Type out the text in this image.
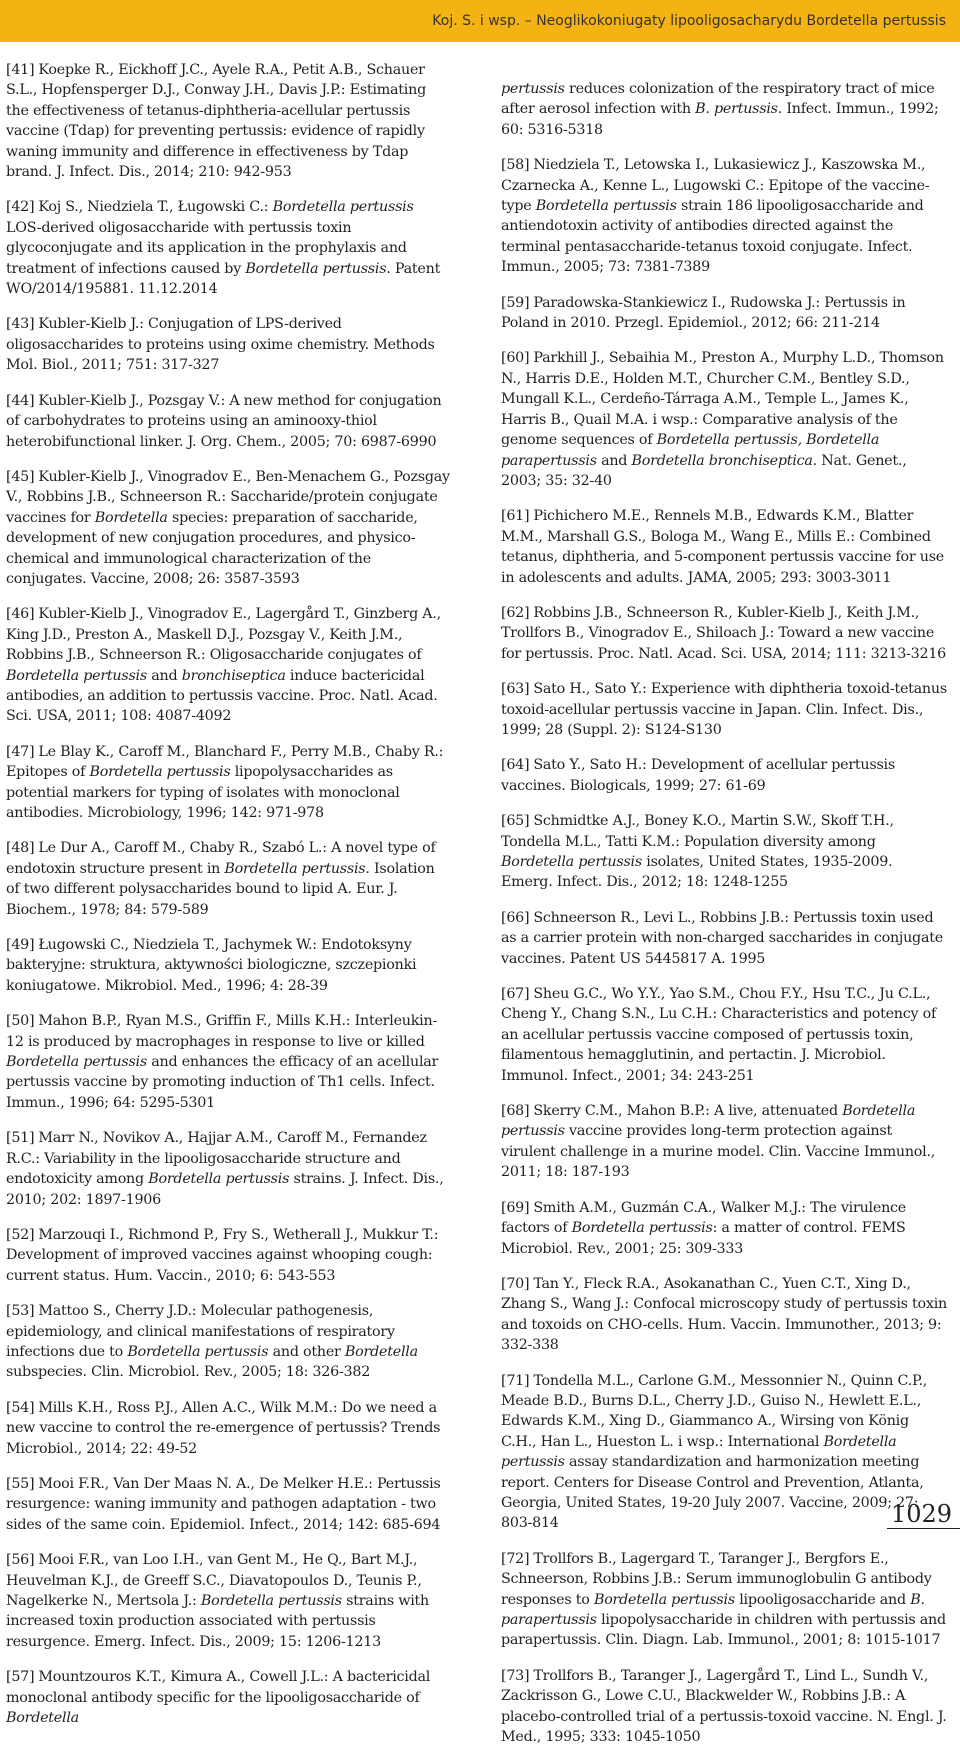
Koj. S. i wsp. – Neoglikokoniugaty lipooligosacharydu Bordetella pertussis

[41] Koepke R., Eickhoff J.C., Ayele R.A., Petit A.B., Schauer S.L., Hopfensperger D.J., Conway J.H., Davis J.P.: Estimating the effectiveness of tetanus-diphtheria-acellular pertussis vaccine (Tdap) for preventing pertussis: evidence of rapidly waning immunity and difference in effectiveness by Tdap brand. J. Infect. Dis., 2014; 210: 942-953

[42] Koj S., Niedziela T., Ługowski C.: Bordetella pertussis LOS-derived oligosaccharide with pertussis toxin glycoconjugate and its application in the prophylaxis and treatment of infections caused by Bordetella pertussis. Patent WO/2014/195881. 11.12.2014

[43] Kubler-Kielb J.: Conjugation of LPS-derived oligosaccharides to proteins using oxime chemistry. Methods Mol. Biol., 2011; 751: 317-327

[44] Kubler-Kielb J., Pozsgay V.: A new method for conjugation of carbohydrates to proteins using an aminooxy-thiol heterobifunctional linker. J. Org. Chem., 2005; 70: 6987-6990

[45] Kubler-Kielb J., Vinogradov E., Ben-Menachem G., Pozsgay V., Robbins J.B., Schneerson R.: Saccharide/protein conjugate vaccines for Bordetella species: preparation of saccharide, development of new conjugation procedures, and physico-chemical and immunological characterization of the conjugates. Vaccine, 2008; 26: 3587-3593

[46] Kubler-Kielb J., Vinogradov E., Lagergård T., Ginzberg A., King J.D., Preston A., Maskell D.J., Pozsgay V., Keith J.M., Robbins J.B., Schneerson R.: Oligosaccharide conjugates of Bordetella pertussis and bronchiseptica induce bactericidal antibodies, an addition to pertussis vaccine. Proc. Natl. Acad. Sci. USA, 2011; 108: 4087-4092

[47] Le Blay K., Caroff M., Blanchard F., Perry M.B., Chaby R.: Epitopes of Bordetella pertussis lipopolysaccharides as potential markers for typing of isolates with monoclonal antibodies. Microbiology, 1996; 142: 971-978

[48] Le Dur A., Caroff M., Chaby R., Szabó L.: A novel type of endotoxin structure present in Bordetella pertussis. Isolation of two different polysaccharides bound to lipid A. Eur. J. Biochem., 1978; 84: 579-589

[49] Ługowski C., Niedziela T., Jachymek W.: Endotoksyny bakteryjne: struktura, aktywności biologiczne, szczepionki koniugatowe. Mikrobiol. Med., 1996; 4: 28-39

[50] Mahon B.P., Ryan M.S., Griffin F., Mills K.H.: Interleukin-12 is produced by macrophages in response to live or killed Bordetella pertussis and enhances the efficacy of an acellular pertussis vaccine by promoting induction of Th1 cells. Infect. Immun., 1996; 64: 5295-5301

[51] Marr N., Novikov A., Hajjar A.M., Caroff M., Fernandez R.C.: Variability in the lipooligosaccharide structure and endotoxicity among Bordetella pertussis strains. J. Infect. Dis., 2010; 202: 1897-1906

[52] Marzouqi I., Richmond P., Fry S., Wetherall J., Mukkur T.: Development of improved vaccines against whooping cough: current status. Hum. Vaccin., 2010; 6: 543-553

[53] Mattoo S., Cherry J.D.: Molecular pathogenesis, epidemiology, and clinical manifestations of respiratory infections due to Bordetella pertussis and other Bordetella subspecies. Clin. Microbiol. Rev., 2005; 18: 326-382

[54] Mills K.H., Ross P.J., Allen A.C., Wilk M.M.: Do we need a new vaccine to control the re-emergence of pertussis? Trends Microbiol., 2014; 22: 49-52

[55] Mooi F.R., Van Der Maas N. A., De Melker H.E.: Pertussis resurgence: waning immunity and pathogen adaptation - two sides of the same coin. Epidemiol. Infect., 2014; 142: 685-694

[56] Mooi F.R., van Loo I.H., van Gent M., He Q., Bart M.J., Heuvelman K.J., de Greeff S.C., Diavatopoulos D., Teunis P., Nagelkerke N., Mertsola J.: Bordetella pertussis strains with increased toxin production associated with pertussis resurgence. Emerg. Infect. Dis., 2009; 15: 1206-1213

[57] Mountzouros K.T., Kimura A., Cowell J.L.: A bactericidal monoclonal antibody specific for the lipooligosaccharide of Bordetella

pertussis reduces colonization of the respiratory tract of mice after aerosol infection with B. pertussis. Infect. Immun., 1992; 60: 5316-5318

[58] Niedziela T., Letowska I., Lukasiewicz J., Kaszowska M., Czarnecka A., Kenne L., Lugowski C.: Epitope of the vaccine-type Bordetella pertussis strain 186 lipooligosaccharide and antiendotoxin activity of antibodies directed against the terminal pentasaccharide-tetanus toxoid conjugate. Infect. Immun., 2005; 73: 7381-7389

[59] Paradowska-Stankiewicz I., Rudowska J.: Pertussis in Poland in 2010. Przegl. Epidemiol., 2012; 66: 211-214

[60] Parkhill J., Sebaihia M., Preston A., Murphy L.D., Thomson N., Harris D.E., Holden M.T., Churcher C.M., Bentley S.D., Mungall K.L., Cerdeño-Tárraga A.M., Temple L., James K., Harris B., Quail M.A. i wsp.: Comparative analysis of the genome sequences of Bordetella pertussis, Bordetella parapertussis and Bordetella bronchiseptica. Nat. Genet., 2003; 35: 32-40

[61] Pichichero M.E., Rennels M.B., Edwards K.M., Blatter M.M., Marshall G.S., Bologa M., Wang E., Mills E.: Combined tetanus, diphtheria, and 5-component pertussis vaccine for use in adolescents and adults. JAMA, 2005; 293: 3003-3011

[62] Robbins J.B., Schneerson R., Kubler-Kielb J., Keith J.M., Trollfors B., Vinogradov E., Shiloach J.: Toward a new vaccine for pertussis. Proc. Natl. Acad. Sci. USA, 2014; 111: 3213-3216

[63] Sato H., Sato Y.: Experience with diphtheria toxoid-tetanus toxoid-acellular pertussis vaccine in Japan. Clin. Infect. Dis., 1999; 28 (Suppl. 2): S124-S130

[64] Sato Y., Sato H.: Development of acellular pertussis vaccines. Biologicals, 1999; 27: 61-69

[65] Schmidtke A.J., Boney K.O., Martin S.W., Skoff T.H., Tondella M.L., Tatti K.M.: Population diversity among Bordetella pertussis isolates, United States, 1935-2009. Emerg. Infect. Dis., 2012; 18: 1248-1255

[66] Schneerson R., Levi L., Robbins J.B.: Pertussis toxin used as a carrier protein with non-charged saccharides in conjugate vaccines. Patent US 5445817 A. 1995

[67] Sheu G.C., Wo Y.Y., Yao S.M., Chou F.Y., Hsu T.C., Ju C.L., Cheng Y., Chang S.N., Lu C.H.: Characteristics and potency of an acellular pertussis vaccine composed of pertussis toxin, filamentous hemagglutinin, and pertactin. J. Microbiol. Immunol. Infect., 2001; 34: 243-251

[68] Skerry C.M., Mahon B.P.: A live, attenuated Bordetella pertussis vaccine provides long-term protection against virulent challenge in a murine model. Clin. Vaccine Immunol., 2011; 18: 187-193

[69] Smith A.M., Guzmán C.A., Walker M.J.: The virulence factors of Bordetella pertussis: a matter of control. FEMS Microbiol. Rev., 2001; 25: 309-333

[70] Tan Y., Fleck R.A., Asokanathan C., Yuen C.T., Xing D., Zhang S., Wang J.: Confocal microscopy study of pertussis toxin and toxoids on CHO-cells. Hum. Vaccin. Immunother., 2013; 9: 332-338

[71] Tondella M.L., Carlone G.M., Messonnier N., Quinn C.P., Meade B.D., Burns D.L., Cherry J.D., Guiso N., Hewlett E.L., Edwards K.M., Xing D., Giammanco A., Wirsing von König C.H., Han L., Hueston L. i wsp.: International Bordetella pertussis assay standardization and harmonization meeting report. Centers for Disease Control and Prevention, Atlanta, Georgia, United States, 19-20 July 2007. Vaccine, 2009; 27: 803-814

[72] Trollfors B., Lagergard T., Taranger J., Bergfors E., Schneerson, Robbins J.B.: Serum immunoglobulin G antibody responses to Bordetella pertussis lipooligosaccharide and B. parapertussis lipopolysaccharide in children with pertussis and parapertussis. Clin. Diagn. Lab. Immunol., 2001; 8: 1015-1017

[73] Trollfors B., Taranger J., Lagergård T., Lind L., Sundh V., Zackrisson G., Lowe C.U., Blackwelder W., Robbins J.B.: A placebo-controlled trial of a pertussis-toxoid vaccine. N. Engl. J. Med., 1995; 333: 1045-1050

1029
